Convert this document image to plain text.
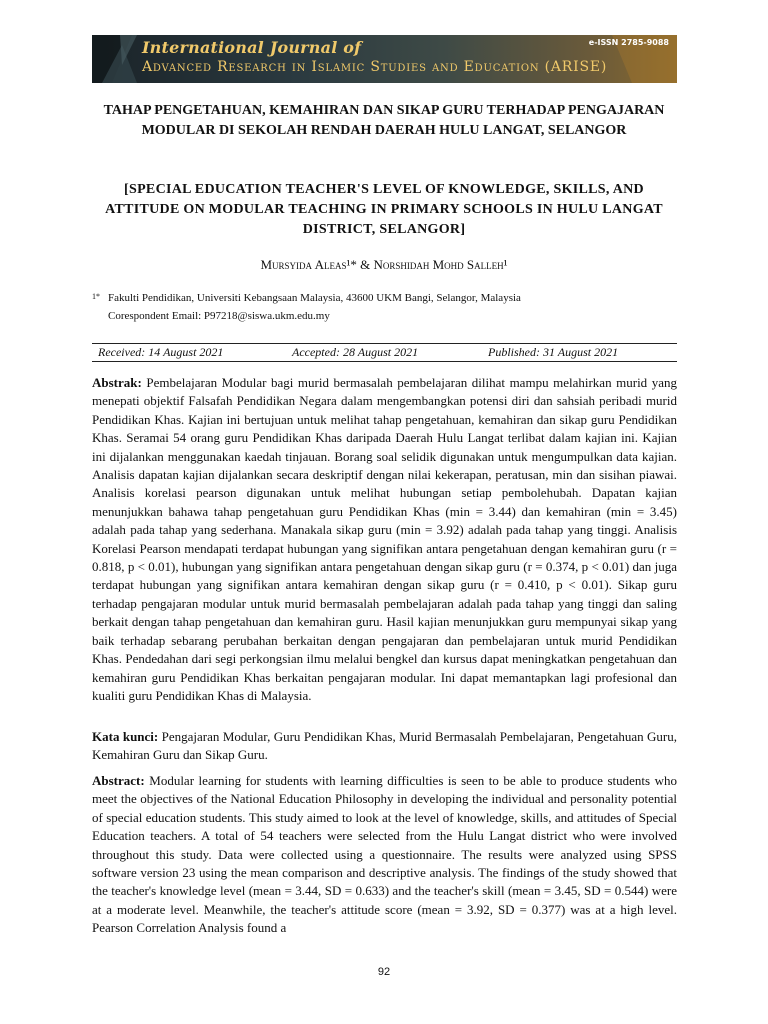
International Journal of
Advanced Research in Islamic Studies and Education (ARISE)
e-ISSN 2785-9088
TAHAP PENGETAHUAN, KEMAHIRAN DAN SIKAP GURU TERHADAP PENGAJARAN MODULAR DI SEKOLAH RENDAH DAERAH HULU LANGAT, SELANGOR
[SPECIAL EDUCATION TEACHER'S LEVEL OF KNOWLEDGE, SKILLS, AND ATTITUDE ON MODULAR TEACHING IN PRIMARY SCHOOLS IN HULU LANGAT DISTRICT, SELANGOR]
Mursyida Aleas¹* & Norshidah Mohd Salleh¹
1* Fakulti Pendidikan, Universiti Kebangsaan Malaysia, 43600 UKM Bangi, Selangor, Malaysia
Corespondent Email: P97218@siswa.ukm.edu.my
Received: 14 August 2021	Accepted: 28 August 2021	Published: 31 August 2021
Abstrak: Pembelajaran Modular bagi murid bermasalah pembelajaran dilihat mampu melahirkan murid yang menepati objektif Falsafah Pendidikan Negara dalam mengembangkan potensi diri dan sahsiah peribadi murid Pendidikan Khas. Kajian ini bertujuan untuk melihat tahap pengetahuan, kemahiran dan sikap guru Pendidikan Khas. Seramai 54 orang guru Pendidikan Khas daripada Daerah Hulu Langat terlibat dalam kajian ini. Kajian ini dijalankan menggunakan kaedah tinjauan. Borang soal selidik digunakan untuk mengumpulkan data kajian. Analisis dapatan kajian dijalankan secara deskriptif dengan nilai kekerapan, peratusan, min dan sisihan piawai. Analisis korelasi pearson digunakan untuk melihat hubungan setiap pembolehubah. Dapatan kajian menunjukkan bahawa tahap pengetahuan guru Pendidikan Khas (min = 3.44) dan kemahiran (min = 3.45) adalah pada tahap yang sederhana. Manakala sikap guru (min = 3.92) adalah pada tahap yang tinggi. Analisis Korelasi Pearson mendapati terdapat hubungan yang signifikan antara pengetahuan dengan kemahiran guru (r = 0.818, p < 0.01), hubungan yang signifikan antara pengetahuan dengan sikap guru (r = 0.374, p < 0.01) dan juga terdapat hubungan yang signifikan antara kemahiran dengan sikap guru (r = 0.410, p < 0.01). Sikap guru terhadap pengajaran modular untuk murid bermasalah pembelajaran adalah pada tahap yang tinggi dan saling berkait dengan tahap pengetahuan dan kemahiran guru. Hasil kajian menunjukkan guru mempunyai sikap yang baik terhadap sebarang perubahan berkaitan dengan pengajaran dan pembelajaran untuk murid Pendidikan Khas. Pendedahan dari segi perkongsian ilmu melalui bengkel dan kursus dapat meningkatkan pengetahuan dan kemahiran guru Pendidikan Khas berkaitan pengajaran modular. Ini dapat memantapkan lagi profesional dan kualiti guru Pendidikan Khas di Malaysia.
Kata kunci: Pengajaran Modular, Guru Pendidikan Khas, Murid Bermasalah Pembelajaran, Pengetahuan Guru, Kemahiran Guru dan Sikap Guru.
Abstract: Modular learning for students with learning difficulties is seen to be able to produce students who meet the objectives of the National Education Philosophy in developing the individual and personality potential of special education students. This study aimed to look at the level of knowledge, skills, and attitudes of Special Education teachers. A total of 54 teachers were selected from the Hulu Langat district who were involved throughout this study. Data were collected using a questionnaire. The results were analyzed using SPSS software version 23 using the mean comparison and descriptive analysis. The findings of the study showed that the teacher's knowledge level (mean = 3.44, SD = 0.633) and the teacher's skill (mean = 3.45, SD = 0.544) were at a moderate level. Meanwhile, the teacher's attitude score (mean = 3.92, SD = 0.377) was at a high level. Pearson Correlation Analysis found a
92
